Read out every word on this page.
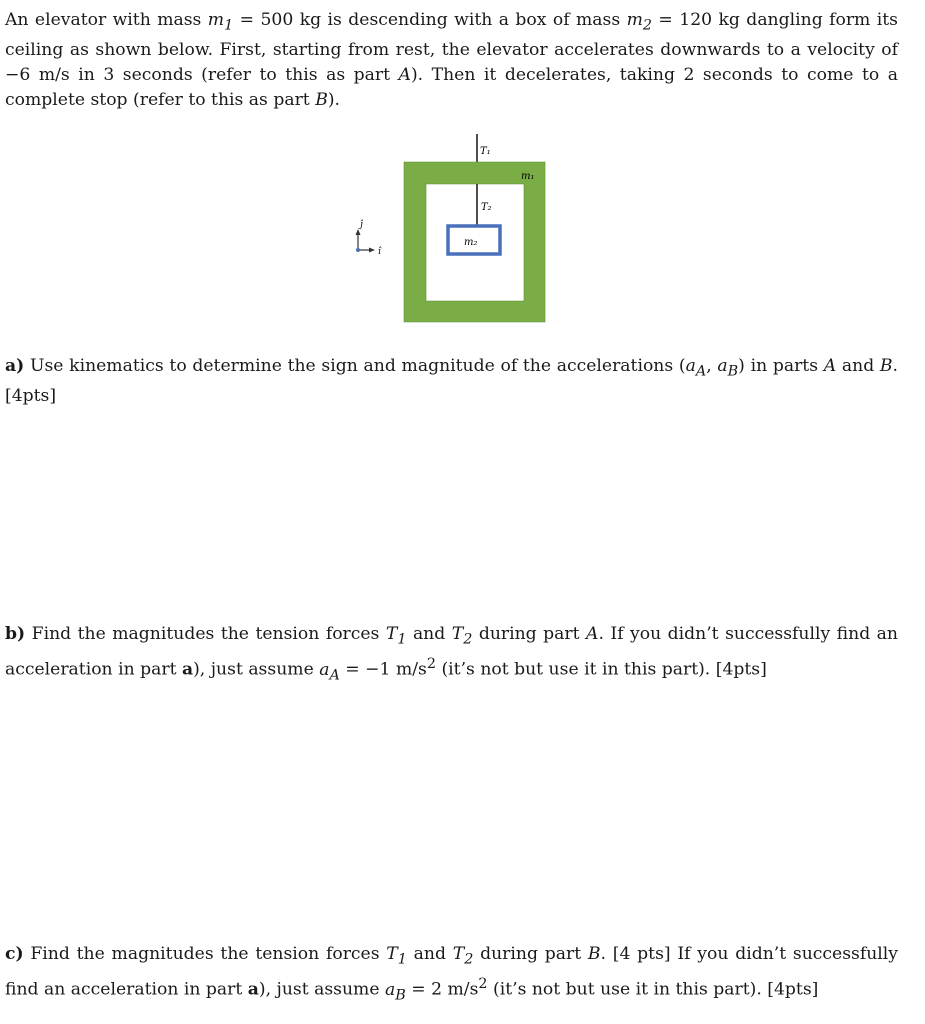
An elevator with mass $m_1 = 500$ kg is descending with a box of mass $m_2 = 120$ kg dangling form its ceiling as shown below. First, starting from rest, the elevator accelerates downwards to a velocity of −6 m/s in 3 seconds (refer to this as part A). Then it decelerates, taking 2 seconds to come to a complete stop (refer to this as part B).

ĵ
î
T₁
m₁
T₂
m₂

a) Use kinematics to determine the sign and magnitude of the accelerations ($a_A$, $a_B$) in parts A and B. [4pts]

b) Find the magnitudes the tension forces $T_1$ and $T_2$ during part A. If you didn’t successfully find an acceleration in part a), just assume $a_A = -1$ $m/s^2$ (it’s not but use it in this part). [4pts]

c) Find the magnitudes the tension forces $T_1$ and $T_2$ during part B. [4 pts] If you didn’t successfully find an acceleration in part a), just assume $a_B = 2$ $m/s^2$ (it’s not but use it in this part). [4pts]
